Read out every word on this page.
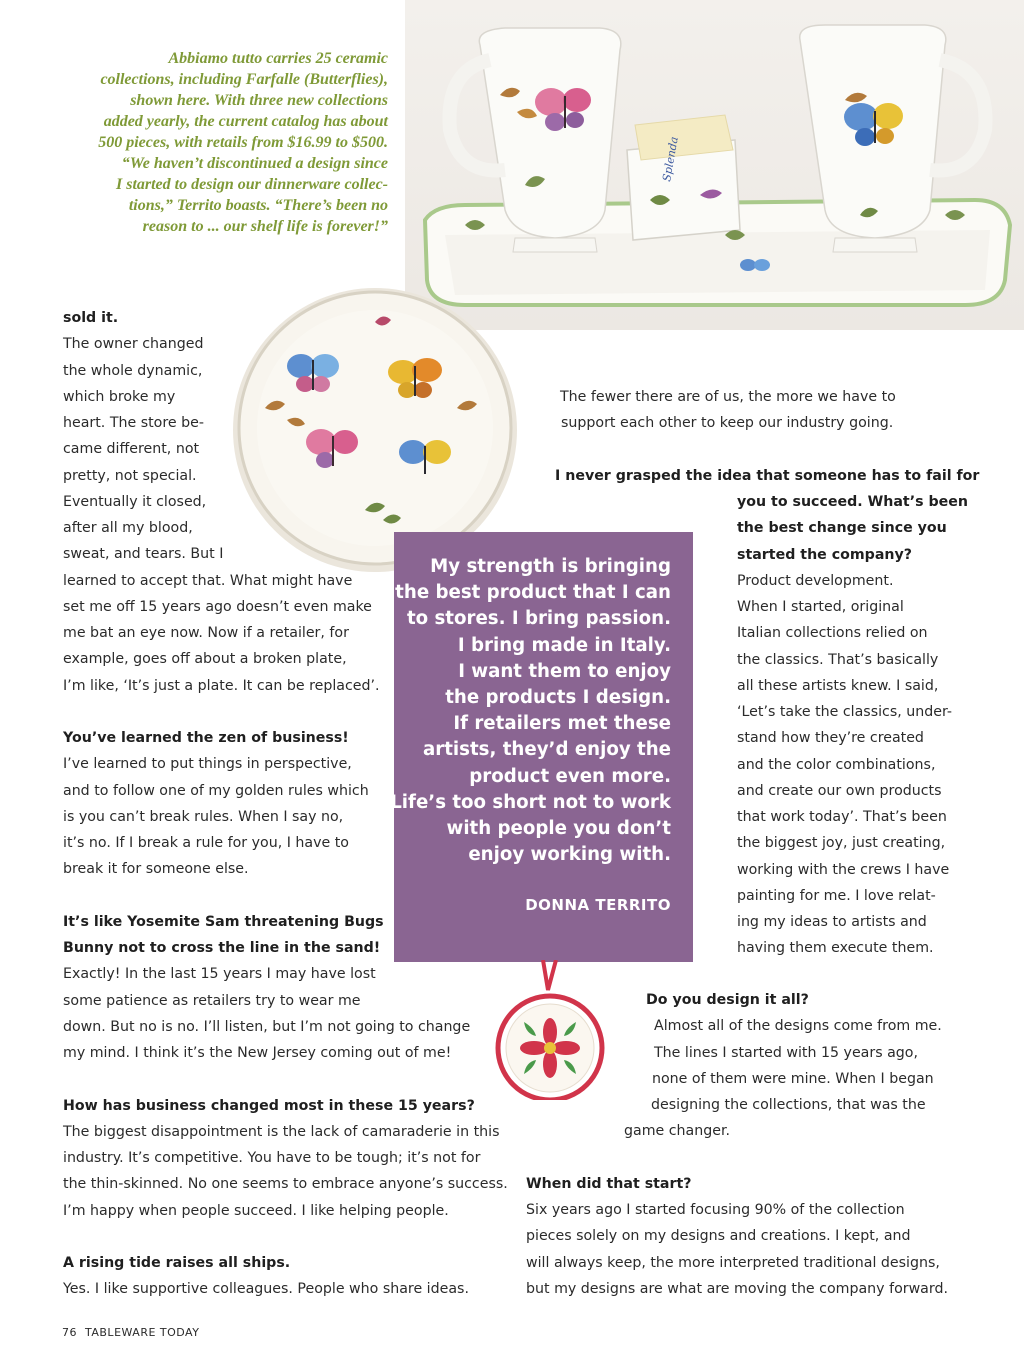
Splenda
Abbiamo tutto carries 25 ceramic
collections, including Farfalle (Butterflies),
shown here. With three new collections
added yearly, the current catalog has about
500 pieces, with retails from $16.99 to $500.
“We haven’t discontinued a design since
I started to design our dinnerware collec-
tions,” Territo boasts. “There’s been no
reason to ... our shelf life is forever!”
sold it.
The owner changed
the whole dynamic,
which broke my
heart. The store be-
came different, not
pretty, not special.
Eventually it closed,
after all my blood,
sweat, and tears. But I
learned to accept that. What might have
set me off 15 years ago doesn’t even make
me bat an eye now. Now if a retailer, for
example, goes off about a broken plate,
I’m like, ‘It’s just a plate. It can be replaced’.
You’ve learned the zen of business!
I’ve learned to put things in perspective,
and to follow one of my golden rules which
is you can’t break rules. When I say no,
it’s no. If I break a rule for you, I have to
break it for someone else.
It’s like Yosemite Sam threatening Bugs
Bunny not to cross the line in the sand!
Exactly! In the last 15 years I may have lost
some patience as retailers try to wear me
down. But no is no. I’ll listen, but I’m not going to change
my mind. I think it’s the New Jersey coming out of me!
How has business changed most in these 15 years?
The biggest disappointment is the lack of camaraderie in this
industry. It’s competitive. You have to be tough; it’s not for
the thin-skinned. No one seems to embrace anyone’s success.
I’m happy when people succeed. I like helping people.
A rising tide raises all ships.
Yes. I like supportive colleagues. People who share ideas.
The fewer there are of us, the more we have to
support each other to keep our industry going.
I never grasped the idea that someone has to fail for
you to succeed. What’s been
the best change since you
started the company?
Product development.
When I started, original
Italian collections relied on
the classics. That’s basically
all these artists knew. I said,
‘Let’s take the classics, under-
stand how they’re created
and the color combinations,
and create our own products
that work today’. That’s been
the biggest joy, just creating,
working with the crews I have
painting for me. I love relat-
ing my ideas to artists and
having them execute them.
Do you design it all?
Almost all of the designs come from me.
The lines I started with 15 years ago,
none of them were mine. When I began
designing the collections, that was the
game changer.
When did that start?
Six years ago I started focusing 90% of the collection
pieces solely on my designs and creations. I kept, and
will always keep, the more interpreted traditional designs,
but my designs are what are moving the company forward.
DONNA TERRITO
My strength is bringing
the best product that I can
to stores. I bring passion.
I bring made in Italy.
I want them to enjoy
the products I design.
If retailers met these
artists, they’d enjoy the
product even more.
Life’s too short not to work
with people you don’t
enjoy working with.
76 TABLEWARE TODAY
